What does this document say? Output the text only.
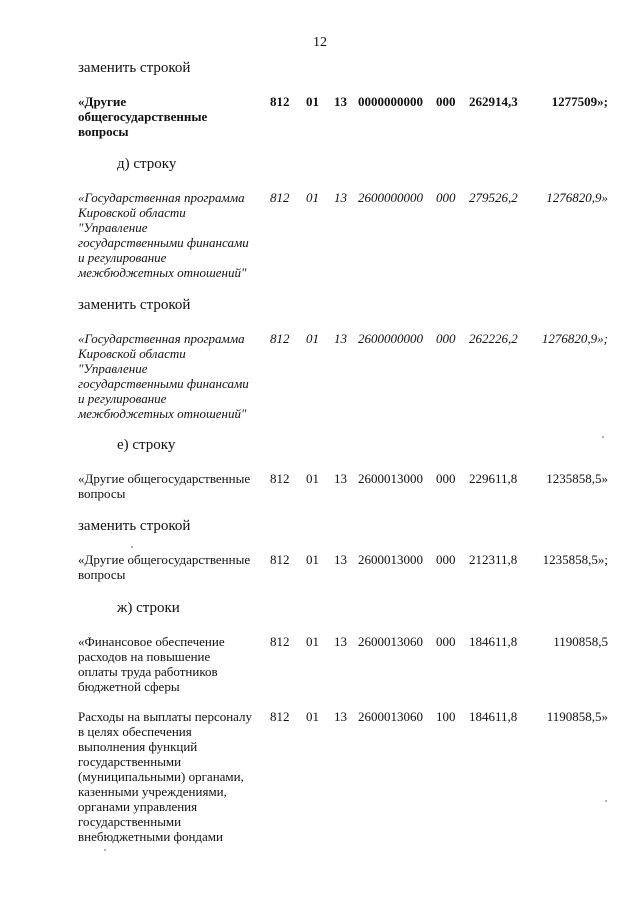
12
заменить строкой
«Другие
общегосударственные
вопросы
812 01 13 0000000000 000 262914,3	1277509»;
д) строку
«Государственная программа
Кировской области
"Управление
государственными финансами
и регулирование
межбюджетных отношений"
812 01 13 2600000000 000 279526,2 1276820,9»
заменить строкой
«Государственная программа
Кировской области
"Управление
государственными финансами
и регулирование
межбюджетных отношений"
812 01 13 2600000000 000 262226,2 1276820,9»;
е) строку
«Другие общегосударственные
вопросы
812 01 13 2600013000 000 229611,8 1235858,5»
заменить строкой
«Другие общегосударственные
вопросы
812 01 13 2600013000 000 212311,8 1235858,5»;
ж) строки
«Финансовое обеспечение
расходов на повышение
оплаты труда работников
бюджетной сферы
812 01 13 2600013060 000 184611,8	1190858,5
Расходы на выплаты персоналу
в целях обеспечения
выполнения функций
государственными
(муниципальными) органами,
казенными учреждениями,
органами управления
государственными
внебюджетными фондами
812 01 13 2600013060 100 184611,8 1190858,5»
